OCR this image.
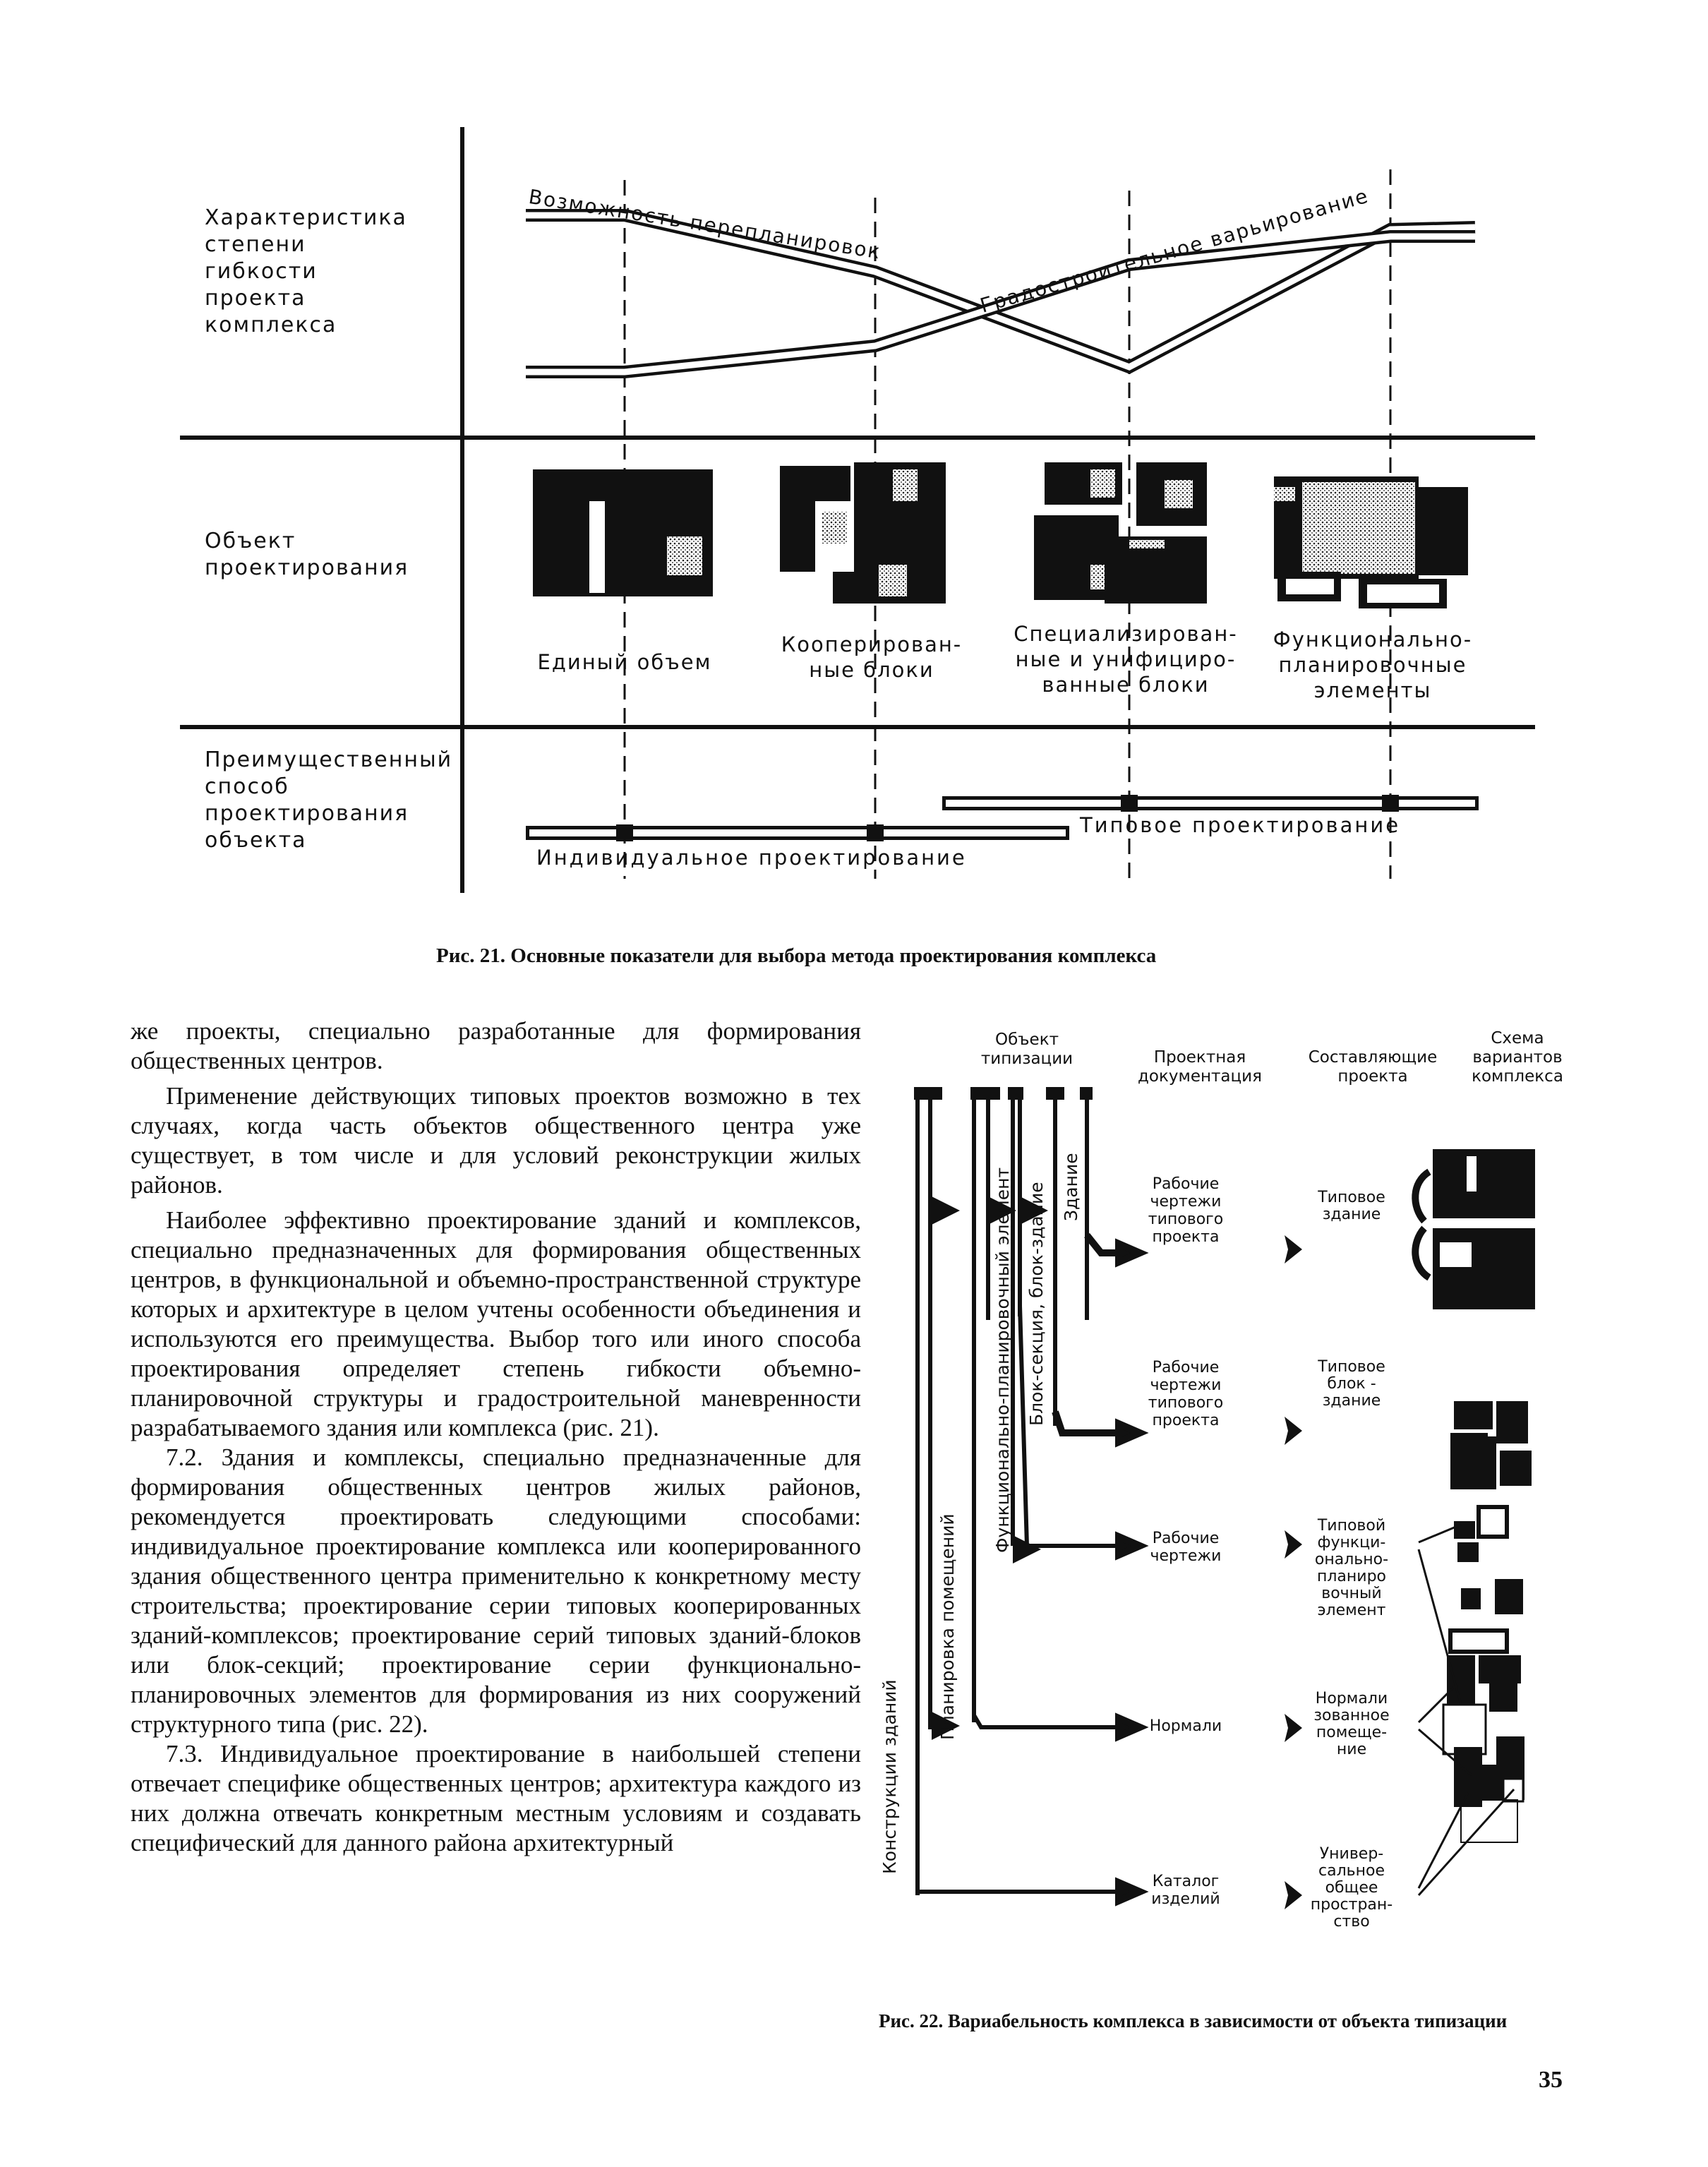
Характеристика
степени
гибкости
проекта
комплекса
Объект
проектирования
Преимущественный
способ
проектирования
объекта
Возможность перепланировок	Градостроительное варьирование
Типовое проектирование
Индивидуальное проектирование
Единый объем
Кооперирован-
ные блоки
Специализирован-
ные и унифициро-
ванные блоки
Функционально-
планировочные
элементы
Рис. 21. Основные показатели для выбора метода проектирования комплекса

же проекты, специально разработанные для формирования общественных центров.

Применение действующих типовых проектов возможно в тех случаях, когда часть объектов общественного центра уже существует, в том числе и для условий реконструкции жилых районов.

Наиболее эффективно проектирование зданий и комплексов, специально предназначенных для формирования общественных центров, в функциональной и объемно-пространственной структуре которых и архитектуре в целом учтены особенности объединения и используются его преимущества. Выбор того или иного способа проектирования определяет степень гибкости объемно-планировочной структуры и градостроительной маневренности разрабатываемого здания или комплекса (рис. 21).

7.2. Здания и комплексы, специально предназначенные для формирования общественных центров жилых районов, рекомендуется проектировать следующими способами: индивидуальное проектирование комплекса или кооперированного здания общественного центра применительно к конкретному месту строительства; проектирование серии типовых кооперированных зданий-комплексов; проектирование серий типовых зданий-блоков или блок-секций; проектирование серии функционально-планировочных элементов для формирования из них сооружений структурного типа (рис. 22).

7.3. Индивидуальное проектирование в наибольшей степени отвечает специфике общественных центров; архитектура каждого из них должна отвечать конкретным местным условиям и создавать специфический для данного района архитектурный

Объект
типизации	Проектная
документация
Составляющие
проекта
Схема
вариантов
комплекса
Конструкции зданий
Планировка помещений
Функционально-планировочный элемент Блок-секция, блок-здание Здание	Рабочие
чертежи
типового
проекта
Рабочие
чертежи
типового
проекта
Рабочие
чертежи
Нормали
Каталог
изделий
Типовое
здание
Типовое
блок -
здание
Типовой
функци-
онально-
планиро
вочный
элемент
Нормали
зованное
помеще-
ние
Универ-
сальное
общее
простран-
ство
Рис. 22. Вариабельность комплекса в зависимости от объекта типизации
35
